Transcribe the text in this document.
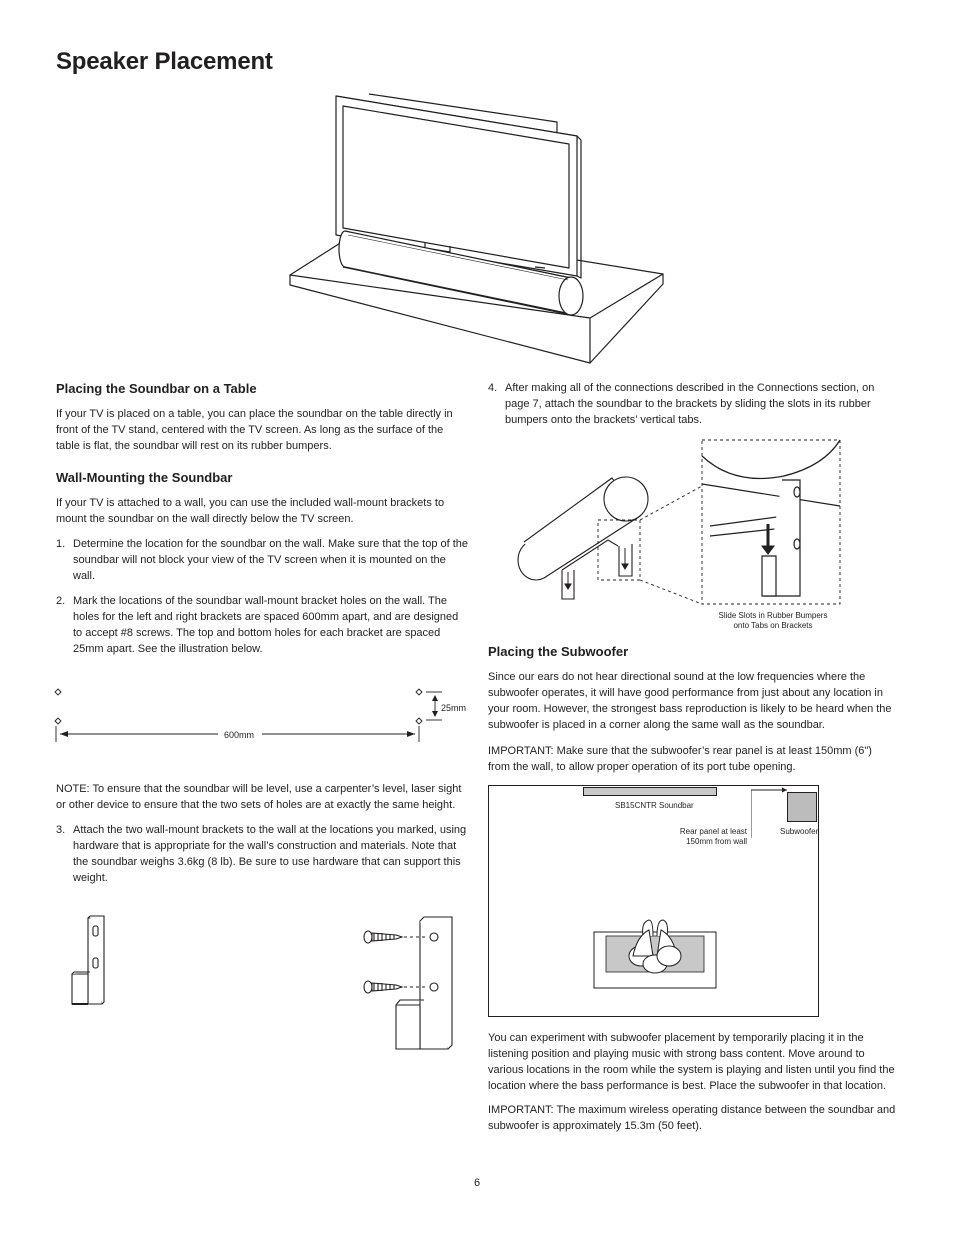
Speaker Placement
Placing the Soundbar on a Table

If your TV is placed on a table, you can place the soundbar on the table directly in front of the TV stand, centered with the TV screen. As long as the surface of the table is flat, the soundbar will rest on its rubber bumpers.

Wall-Mounting the Soundbar

If your TV is attached to a wall, you can use the included wall-mount brackets to mount the soundbar on the wall directly below the TV screen.

1. Determine the location for the soundbar on the wall. Make sure that the top of the soundbar will not block your view of the TV screen when it is mounted on the wall.

2. Mark the locations of the soundbar wall-mount bracket holes on the wall. The holes for the left and right brackets are spaced 600mm apart, and are designed to accept #8 screws. The top and bottom holes for each bracket are spaced 25mm apart. See the illustration below.

600mm
25mm

NOTE: To ensure that the soundbar will be level, use a carpenter’s level, laser sight or other device to ensure that the two sets of holes are at exactly the same height.

3. Attach the two wall-mount brackets to the wall at the locations you marked, using hardware that is appropriate for the wall’s construction and materials. Note that the soundbar weighs 3.6kg (8 lb). Be sure to use hardware that can support this weight.

4. After making all of the connections described in the Connections section, on page 7, attach the soundbar to the brackets by sliding the slots in its rubber bumpers onto the brackets’ vertical tabs.

Slide Slots in Rubber Bumpers
onto Tabs on Brackets
Placing the Subwoofer

Since our ears do not hear directional sound at the low frequencies where the subwoofer operates, it will have good performance from just about any location in your room. However, the strongest bass reproduction is likely to be heard when the subwoofer is placed in a corner along the same wall as the soundbar.

IMPORTANT: Make sure that the subwoofer’s rear panel is at least 150mm (6") from the wall, to allow proper operation of its port tube opening.

SB15CNTR Soundbar
Subwoofer
Rear panel at least
150mm from wall

You can experiment with subwoofer placement by temporarily placing it in the listening position and playing music with strong bass content. Move around to various locations in the room while the system is playing and listen until you find the location where the bass performance is best. Place the subwoofer in that location.

IMPORTANT: The maximum wireless operating distance between the soundbar and subwoofer is approximately 15.3m (50 feet).

6
